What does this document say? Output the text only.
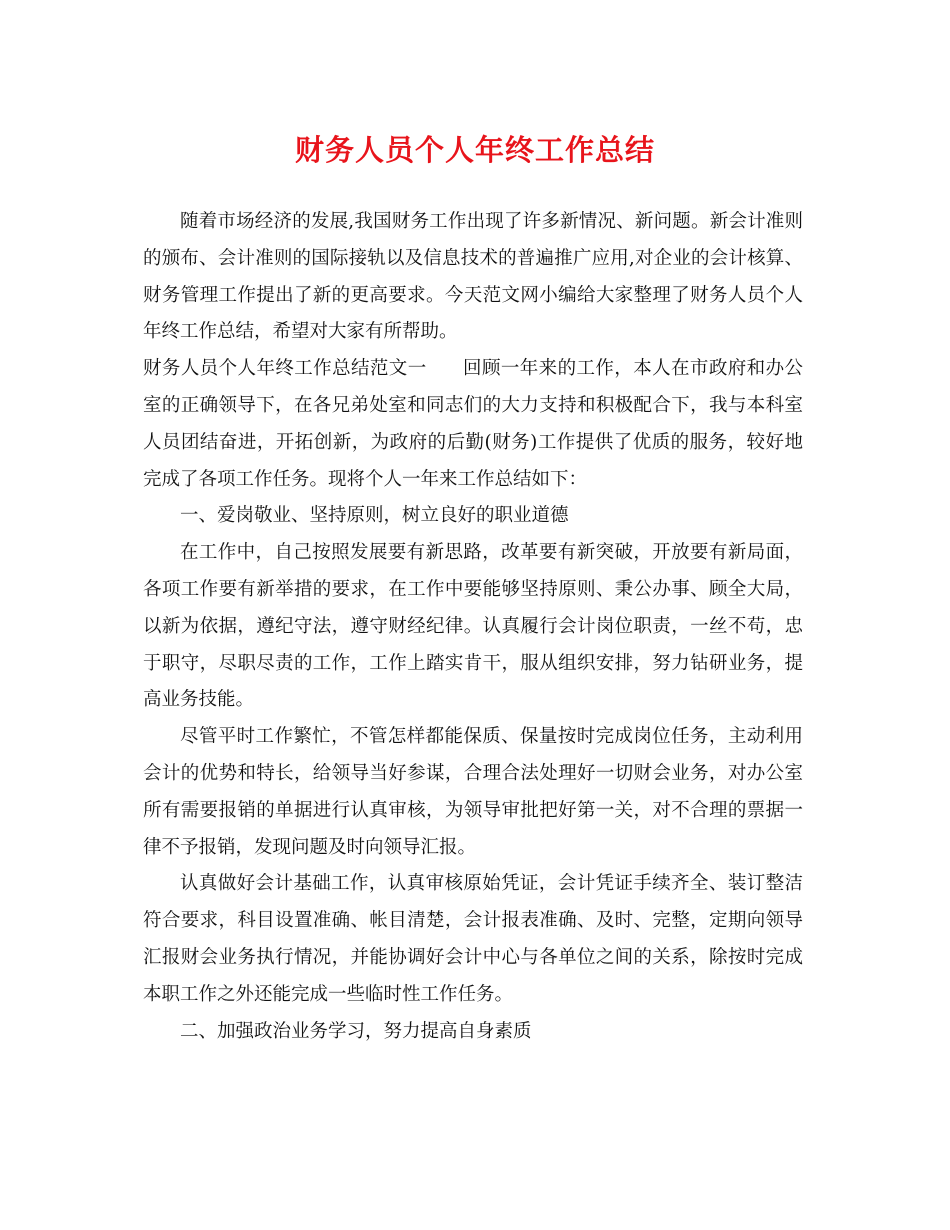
财务人员个人年终工作总结

随着市场经济的发展,我国财务工作出现了许多新情况、新问题。新会计准则的颁布、会计准则的国际接轨以及信息技术的普遍推广应用,对企业的会计核算、财务管理工作提出了新的更高要求。今天范文网小编给大家整理了财务人员个人年终工作总结，希望对大家有所帮助。

财务人员个人年终工作总结范文一 回顾一年来的工作，本人在市政府和办公室的正确领导下，在各兄弟处室和同志们的大力支持和积极配合下，我与本科室人员团结奋进，开拓创新，为政府的后勤(财务)工作提供了优质的服务，较好地完成了各项工作任务。现将个人一年来工作总结如下：

一、爱岗敬业、坚持原则，树立良好的职业道德

在工作中，自己按照发展要有新思路，改革要有新突破，开放要有新局面，各项工作要有新举措的要求，在工作中要能够坚持原则、秉公办事、顾全大局，以新为依据，遵纪守法，遵守财经纪律。认真履行会计岗位职责，一丝不苟，忠于职守，尽职尽责的工作，工作上踏实肯干，服从组织安排，努力钻研业务，提高业务技能。

尽管平时工作繁忙，不管怎样都能保质、保量按时完成岗位任务，主动利用会计的优势和特长，给领导当好参谋，合理合法处理好一切财会业务，对办公室所有需要报销的单据进行认真审核，为领导审批把好第一关，对不合理的票据一律不予报销，发现问题及时向领导汇报。

认真做好会计基础工作，认真审核原始凭证，会计凭证手续齐全、装订整洁符合要求，科目设置准确、帐目清楚，会计报表准确、及时、完整，定期向领导汇报财会业务执行情况，并能协调好会计中心与各单位之间的关系，除按时完成本职工作之外还能完成一些临时性工作任务。

二、加强政治业务学习，努力提高自身素质
